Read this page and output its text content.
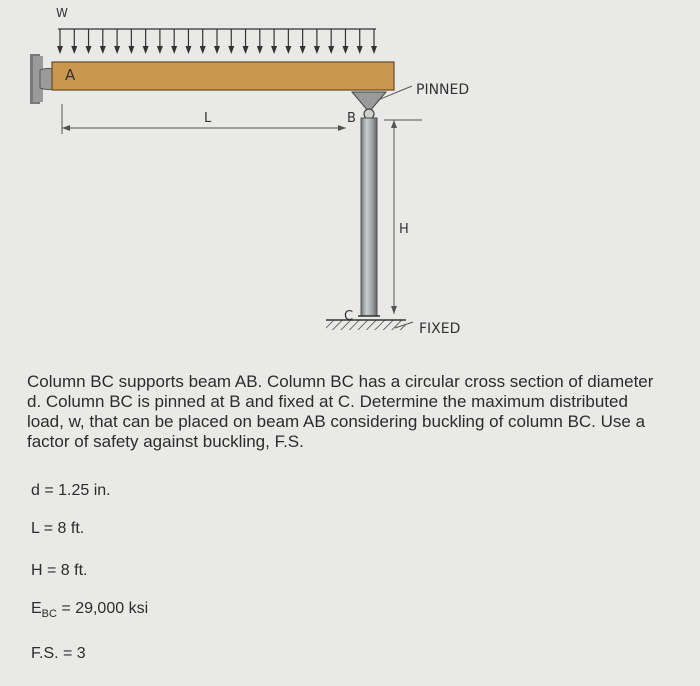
W
A
B
PINNED
L
H
C
FIXED

Column BC supports beam AB. Column BC has a circular cross section of diameter d. Column BC is pinned at B and fixed at C. Determine the maximum distributed load, w, that can be placed on beam AB considering buckling of column BC. Use a factor of safety against buckling, F.S.

d = 1.25 in.

L = 8 ft.

H = 8 ft.

$E_{BC} = 29,000$ ksi

F.S. = 3
